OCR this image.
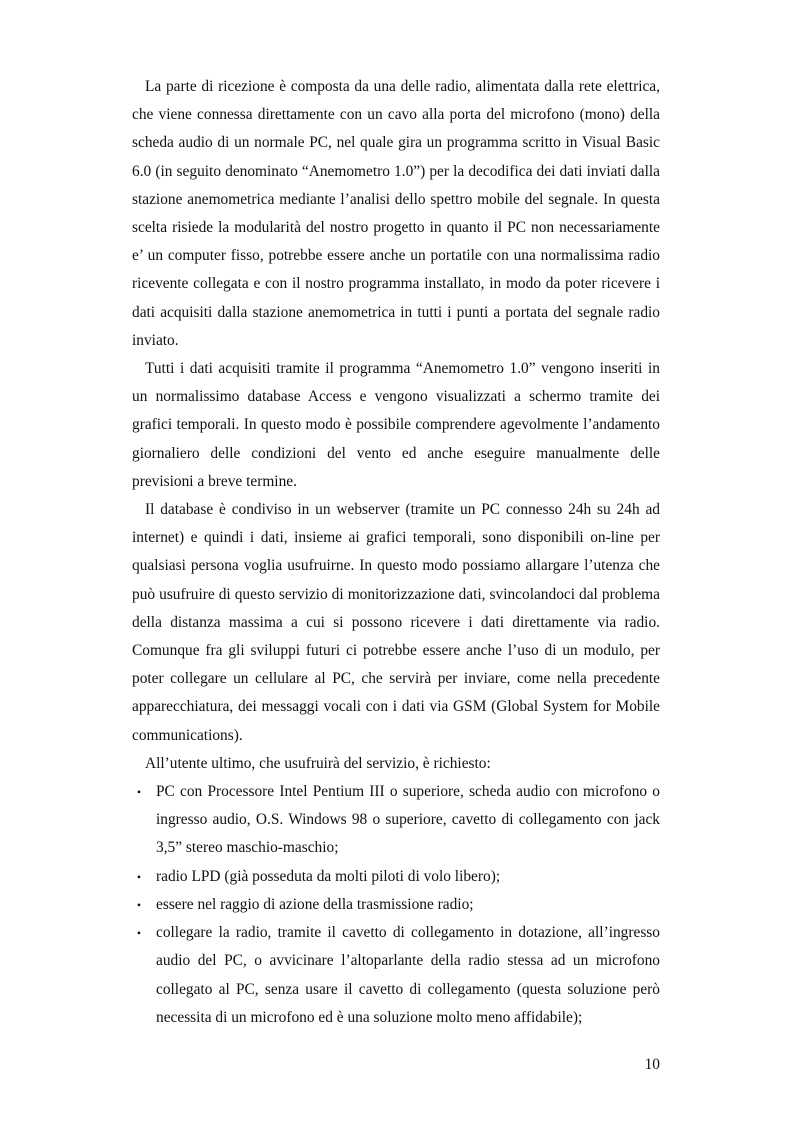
La parte di ricezione è composta da una delle radio, alimentata dalla rete elettrica, che viene connessa direttamente con un cavo alla porta del microfono (mono) della scheda audio di un normale PC, nel quale gira un programma scritto in Visual Basic 6.0 (in seguito denominato “Anemometro 1.0”) per la decodifica dei dati inviati dalla stazione anemometrica mediante l’analisi dello spettro mobile del segnale. In questa scelta risiede la modularità del nostro progetto in quanto il PC non necessariamente e’ un computer fisso, potrebbe essere anche un portatile con una normalissima radio ricevente collegata e con il nostro programma installato, in modo da poter ricevere i dati acquisiti dalla stazione anemometrica in tutti i punti a portata del segnale radio inviato.

Tutti i dati acquisiti tramite il programma “Anemometro 1.0” vengono inseriti in un normalissimo database Access e vengono visualizzati a schermo tramite dei grafici temporali. In questo modo è possibile comprendere agevolmente l’andamento giornaliero delle condizioni del vento ed anche eseguire manualmente delle previsioni a breve termine.

Il database è condiviso in un webserver (tramite un PC connesso 24h su 24h ad internet) e quindi i dati, insieme ai grafici temporali, sono disponibili on-line per qualsiasi persona voglia usufruirne. In questo modo possiamo allargare l’utenza che può usufruire di questo servizio di monitorizzazione dati, svincolandoci dal problema della distanza massima a cui si possono ricevere i dati direttamente via radio. Comunque fra gli sviluppi futuri ci potrebbe essere anche l’uso di un modulo, per poter collegare un cellulare al PC, che servirà per inviare, come nella precedente apparecchiatura, dei messaggi vocali con i dati via GSM (Global System for Mobile communications).

All’utente ultimo, che usufruirà del servizio, è richiesto:

• PC con Processore Intel Pentium III o superiore, scheda audio con microfono o ingresso audio, O.S. Windows 98 o superiore, cavetto di collegamento con jack 3,5” stereo maschio-maschio;
• radio LPD (già posseduta da molti piloti di volo libero);
• essere nel raggio di azione della trasmissione radio;
• collegare la radio, tramite il cavetto di collegamento in dotazione, all’ingresso audio del PC, o avvicinare l’altoparlante della radio stessa ad un microfono collegato al PC, senza usare il cavetto di collegamento (questa soluzione però necessita di un microfono ed è una soluzione molto meno affidabile);
10
